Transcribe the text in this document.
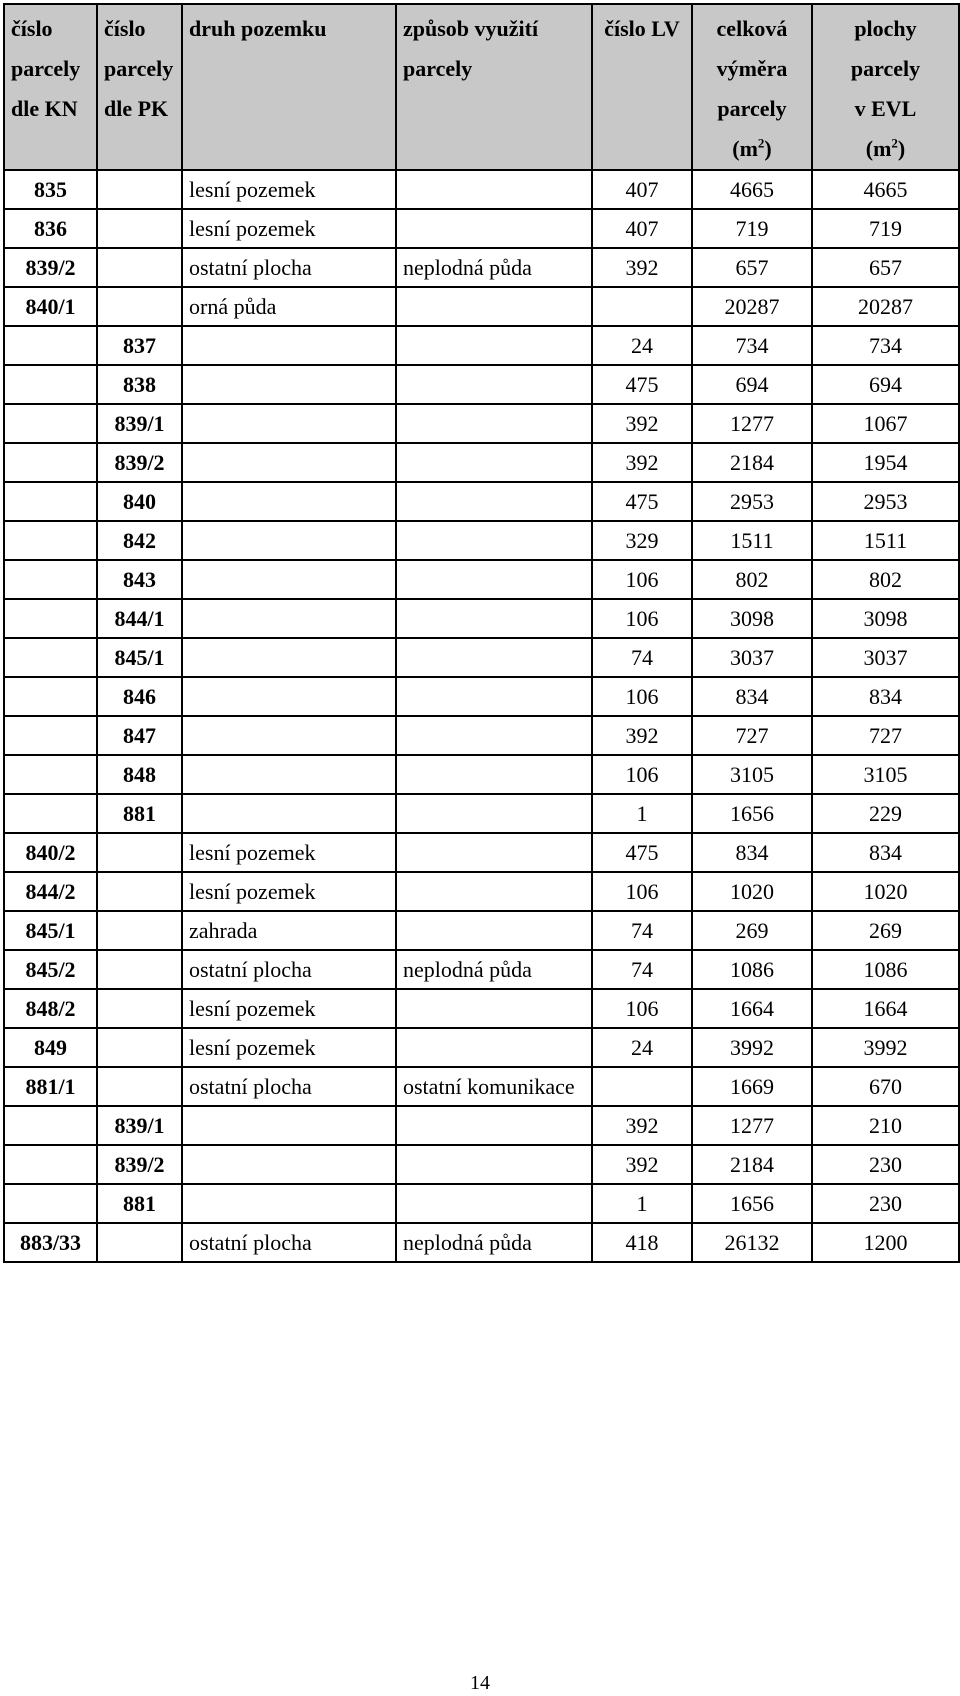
číslo
parcely
dle KN	číslo
parcely
dle PK	druh pozemku	způsob využití
parcely	číslo LV	celková
výměra
parcely
$(m^2)$	plochy
parcely
v EVL
$(m^2)$

835		lesní pozemek		407	4665	4665
836		lesní pozemek		407	719	719
839/2		ostatní plocha	neplodná půda	392	657	657
840/1		orná půda			20287	20287
	837			24	734	734
	838			475	694	694
	839/1			392	1277	1067
	839/2			392	2184	1954
	840			475	2953	2953
	842			329	1511	1511
	843			106	802	802
	844/1			106	3098	3098
	845/1			74	3037	3037
	846			106	834	834
	847			392	727	727
	848			106	3105	3105
	881			1	1656	229
840/2		lesní pozemek		475	834	834
844/2		lesní pozemek		106	1020	1020
845/1		zahrada		74	269	269
845/2		ostatní plocha	neplodná půda	74	1086	1086
848/2		lesní pozemek		106	1664	1664
849		lesní pozemek		24	3992	3992
881/1		ostatní plocha	ostatní komunikace		1669	670
	839/1			392	1277	210
	839/2			392	2184	230
	881			1	1656	230
883/33		ostatní plocha	neplodná půda	418	26132	1200
14
